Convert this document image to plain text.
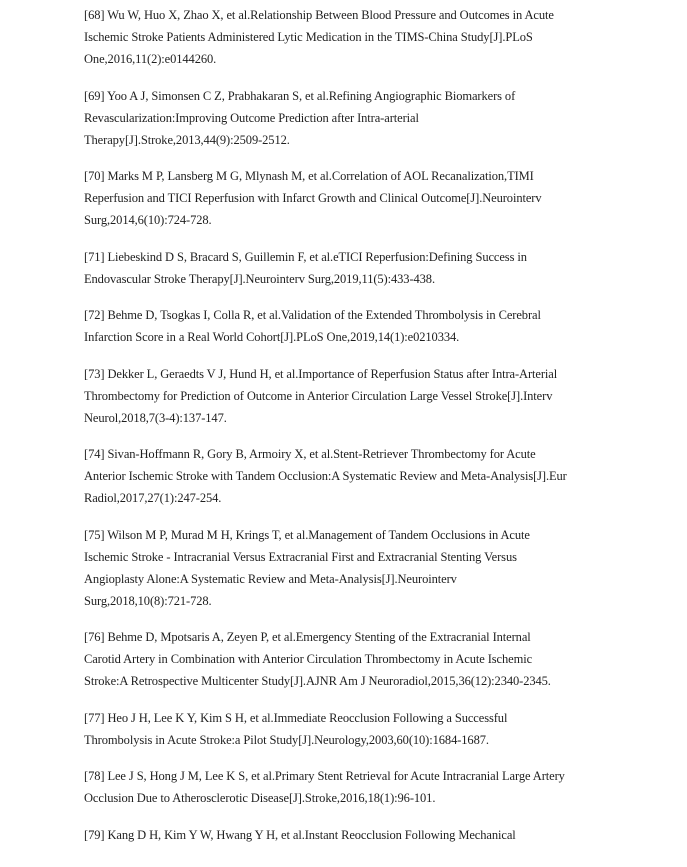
[68] Wu W, Huo X, Zhao X, et al.Relationship Between Blood Pressure and Outcomes in Acute
Ischemic Stroke Patients Administered Lytic Medication in the TIMS-China Study[J].PLoS
One,2016,11(2):e0144260.

[69] Yoo A J, Simonsen C Z, Prabhakaran S, et al.Refining Angiographic Biomarkers of
Revascularization:Improving Outcome Prediction after Intra-arterial
Therapy[J].Stroke,2013,44(9):2509-2512.

[70] Marks M P, Lansberg M G, Mlynash M, et al.Correlation of AOL Recanalization,TIMI
Reperfusion and TICI Reperfusion with Infarct Growth and Clinical Outcome[J].Neurointerv
Surg,2014,6(10):724-728.

[71] Liebeskind D S, Bracard S, Guillemin F, et al.eTICI Reperfusion:Defining Success in
Endovascular Stroke Therapy[J].Neurointerv Surg,2019,11(5):433-438.

[72] Behme D, Tsogkas I, Colla R, et al.Validation of the Extended Thrombolysis in Cerebral
Infarction Score in a Real World Cohort[J].PLoS One,2019,14(1):e0210334.

[73] Dekker L, Geraedts V J, Hund H, et al.Importance of Reperfusion Status after Intra-Arterial
Thrombectomy for Prediction of Outcome in Anterior Circulation Large Vessel Stroke[J].Interv
Neurol,2018,7(3-4):137-147.

[74] Sivan-Hoffmann R, Gory B, Armoiry X, et al.Stent-Retriever Thrombectomy for Acute
Anterior Ischemic Stroke with Tandem Occlusion:A Systematic Review and Meta-Analysis[J].Eur
Radiol,2017,27(1):247-254.

[75] Wilson M P, Murad M H, Krings T, et al.Management of Tandem Occlusions in Acute
Ischemic Stroke - Intracranial Versus Extracranial First and Extracranial Stenting Versus
Angioplasty Alone:A Systematic Review and Meta-Analysis[J].Neurointerv
Surg,2018,10(8):721-728.

[76] Behme D, Mpotsaris A, Zeyen P, et al.Emergency Stenting of the Extracranial Internal
Carotid Artery in Combination with Anterior Circulation Thrombectomy in Acute Ischemic
Stroke:A Retrospective Multicenter Study[J].AJNR Am J Neuroradiol,2015,36(12):2340-2345.

[77] Heo J H, Lee K Y, Kim S H, et al.Immediate Reocclusion Following a Successful
Thrombolysis in Acute Stroke:a Pilot Study[J].Neurology,2003,60(10):1684-1687.

[78] Lee J S, Hong J M, Lee K S, et al.Primary Stent Retrieval for Acute Intracranial Large Artery
Occlusion Due to Atherosclerotic Disease[J].Stroke,2016,18(1):96-101.

[79] Kang D H, Kim Y W, Hwang Y H, et al.Instant Reocclusion Following Mechanical
